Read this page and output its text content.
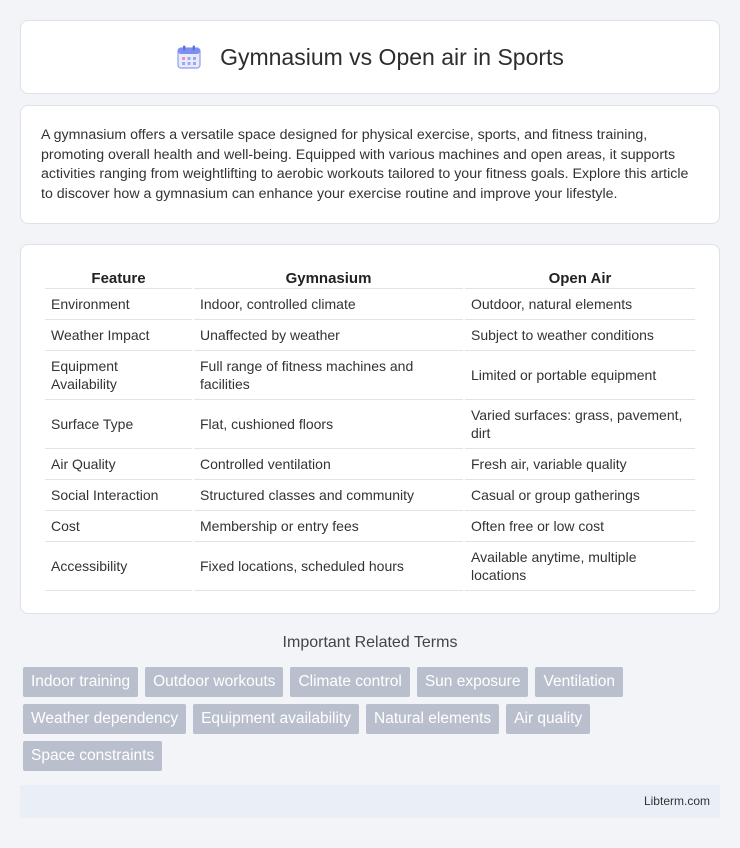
Gymnasium vs Open air in Sports

A gymnasium offers a versatile space designed for physical exercise, sports, and fitness training, promoting overall health and well-being. Equipped with various machines and open areas, it supports activities ranging from weightlifting to aerobic workouts tailored to your fitness goals. Explore this article to discover how a gymnasium can enhance your exercise routine and improve your lifestyle.

Feature	Gymnasium	Open Air
Environment	Indoor, controlled climate	Outdoor, natural elements
Weather Impact	Unaffected by weather	Subject to weather conditions
Equipment Availability	Full range of fitness machines and facilities	Limited or portable equipment
Surface Type	Flat, cushioned floors	Varied surfaces: grass, pavement, dirt
Air Quality	Controlled ventilation	Fresh air, variable quality
Social Interaction	Structured classes and community	Casual or group gatherings
Cost	Membership or entry fees	Often free or low cost
Accessibility	Fixed locations, scheduled hours	Available anytime, multiple locations
Important Related Terms
Indoor training	Outdoor workouts	Climate control	Sun exposure	Ventilation
Weather dependency	Equipment availability	Natural elements	Air quality
Space constraints
Libterm.com
